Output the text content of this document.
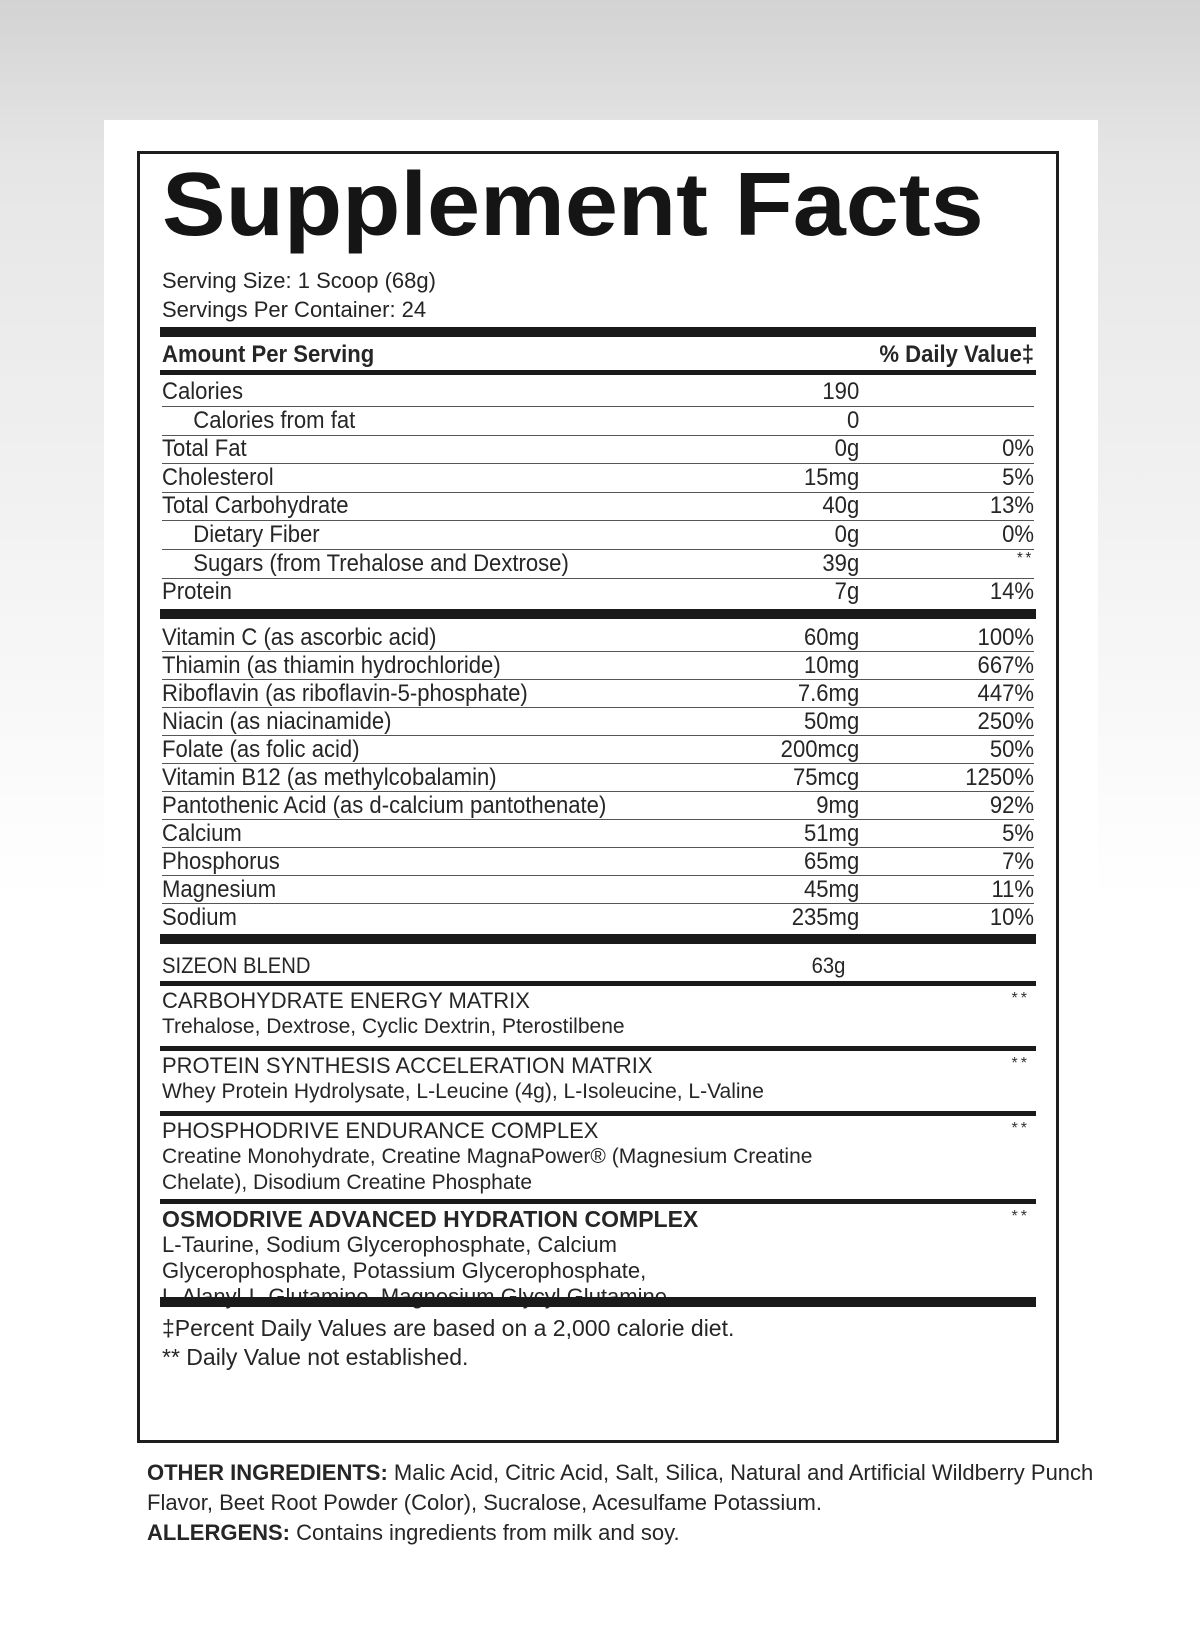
Supplement Facts
Serving Size: 1 Scoop (68g)
Servings Per Container: 24
Amount Per Serving	% Daily Value‡
Calories	190
Calories from fat	0
Total Fat	0g	0%
Cholesterol	15mg	5%
Total Carbohydrate	40g	13%
Dietary Fiber	0g	0%
Sugars (from Trehalose and Dextrose)	39g	**
Protein	7g	14%
Vitamin C (as ascorbic acid)	60mg	100%
Thiamin (as thiamin hydrochloride)	10mg	667%
Riboflavin (as riboflavin-5-phosphate)	7.6mg	447%
Niacin (as niacinamide)	50mg	250%
Folate (as folic acid)	200mcg	50%
Vitamin B12 (as methylcobalamin)	75mcg	1250%
Pantothenic Acid (as d-calcium pantothenate)	9mg	92%
Calcium	51mg	5%
Phosphorus	65mg	7%
Magnesium	45mg	11%
Sodium	235mg	10%
SIZEON BLEND	63g
CARBOHYDRATE ENERGY MATRIX	**
Trehalose, Dextrose, Cyclic Dextrin, Pterostilbene
PROTEIN SYNTHESIS ACCELERATION MATRIX	**
Whey Protein Hydrolysate, L-Leucine (4g), L-Isoleucine, L-Valine
PHOSPHODRIVE ENDURANCE COMPLEX	**
Creatine Monohydrate, Creatine MagnaPower® (Magnesium Creatine
Chelate), Disodium Creatine Phosphate
OSMODRIVE ADVANCED HYDRATION COMPLEX	**
L-Taurine, Sodium Glycerophosphate, Calcium
Glycerophosphate, Potassium Glycerophosphate,
‡Percent Daily Values are based on a 2,000 calorie diet.
** Daily Value not established.
OTHER INGREDIENTS: Malic Acid, Citric Acid, Salt, Silica, Natural and Artificial Wildberry Punch Flavor, Beet Root Powder (Color), Sucralose, Acesulfame Potassium.
ALLERGENS: Contains ingredients from milk and soy.
